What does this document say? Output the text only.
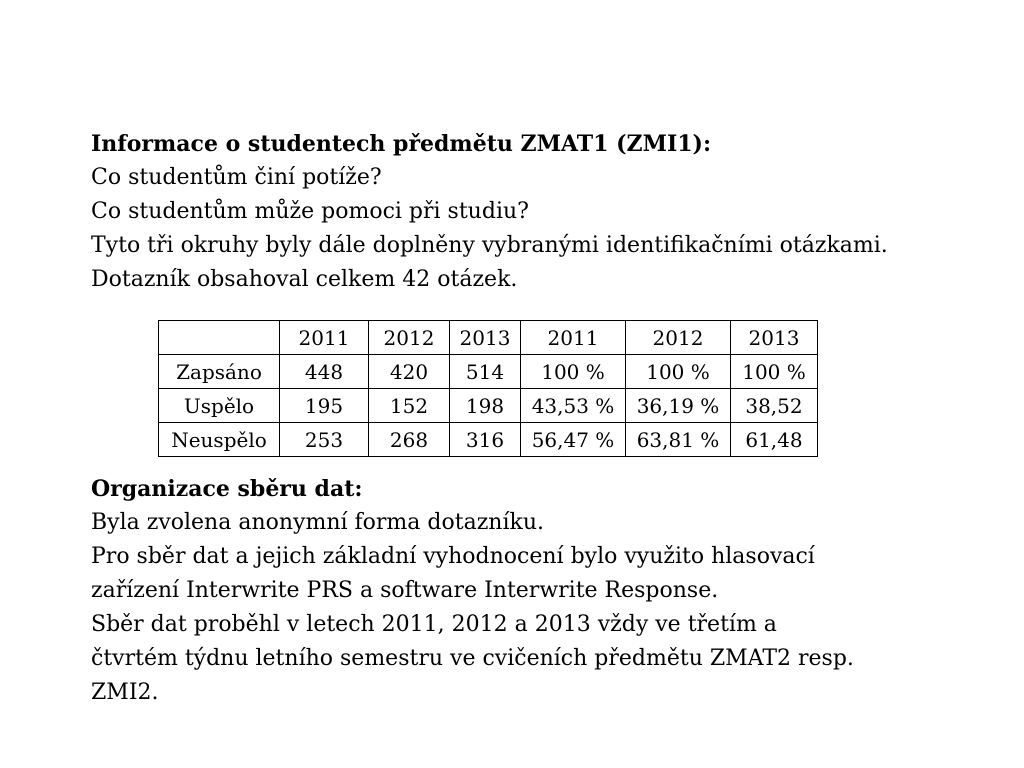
Informace o studentech předmětu ZMAT1 (ZMI1):
Co studentům činí potíže?
Co studentům může pomoci při studiu?
Tyto tři okruhy byly dále doplněny vybranými identifikačními otázkami.
Dotazník obsahoval celkem 42 otázek.
	2011	2012	2013	2011	2012	2013
Zapsáno	448	420	514	100 %	100 %	100 %
Uspělo	195	152	198	43,53 %	36,19 %	38,52
Neuspělo	253	268	316	56,47 %	63,81 %	61,48
Organizace sběru dat:
Byla zvolena anonymní forma dotazníku.
Pro sběr dat a jejich základní vyhodnocení bylo využito hlasovací
zařízení Interwrite PRS a software Interwrite Response.
Sběr dat proběhl v letech 2011, 2012 a 2013 vždy ve třetím a
čtvrtém týdnu letního semestru ve cvičeních předmětu ZMAT2 resp.
ZMI2.
